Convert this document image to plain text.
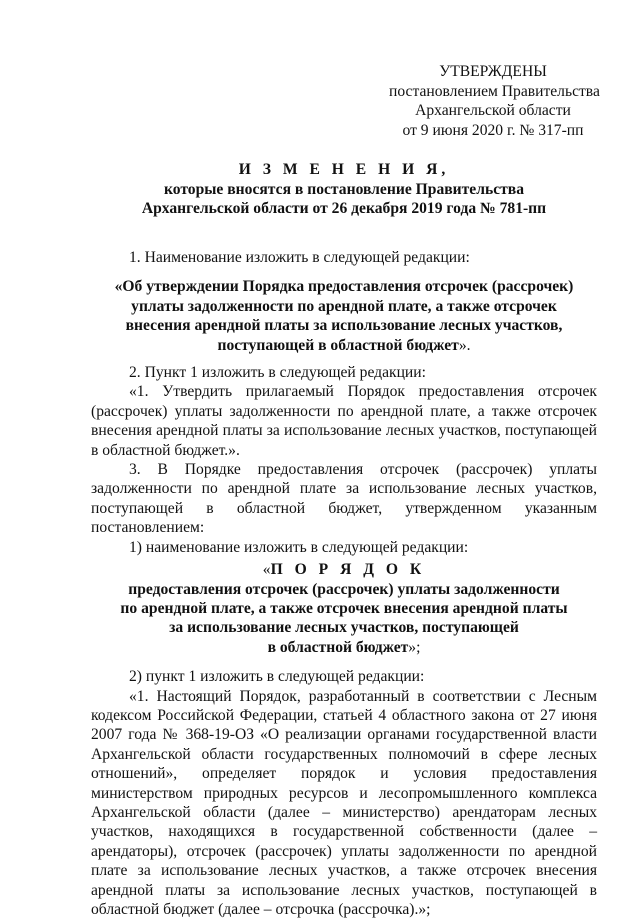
УТВЕРЖДЕНЫ
постановлением Правительства
Архангельской области
от 9 июня 2020 г. № 317-пп
И З М Е Н Е Н И Я,
которые вносятся в постановление Правительства
Архангельской области от 26 декабря 2019 года № 781-пп

1. Наименование изложить в следующей редакции:

«Об утверждении Порядка предоставления отсрочек (рассрочек)
уплаты задолженности по арендной плате, а также отсрочек
внесения арендной платы за использование лесных участков,
поступающей в областной бюджет».

2. Пункт 1 изложить в следующей редакции:

«1. Утвердить прилагаемый Порядок предоставления отсрочек (рассрочек) уплаты задолженности по арендной плате, а также отсрочек внесения арендной платы за использование лесных участков, поступающей в областной бюджет.».

3. В Порядке предоставления отсрочек (рассрочек) уплаты задолженности по арендной плате за использование лесных участков, поступающей в областной бюджет, утвержденном указанным постановлением:

1) наименование изложить в следующей редакции:

«П О Р Я Д О К

предоставления отсрочек (рассрочек) уплаты задолженности
по арендной плате, а также отсрочек внесения арендной платы
за использование лесных участков, поступающей
в областной бюджет»;

2) пункт 1 изложить в следующей редакции:

«1. Настоящий Порядок, разработанный в соответствии с Лесным кодексом Российской Федерации, статьей 4 областного закона от 27 июня 2007 года № 368-19-ОЗ «О реализации органами государственной власти Архангельской области государственных полномочий в сфере лесных отношений», определяет порядок и условия предоставления министерством природных ресурсов и лесопромышленного комплекса Архангельской области (далее – министерство) арендаторам лесных участков, находящихся в государственной собственности (далее – арендаторы), отсрочек (рассрочек) уплаты задолженности по арендной плате за использование лесных участков, а также отсрочек внесения арендной платы за использование лесных участков, поступающей в областной бюджет (далее – отсрочка (рассрочка).»;
